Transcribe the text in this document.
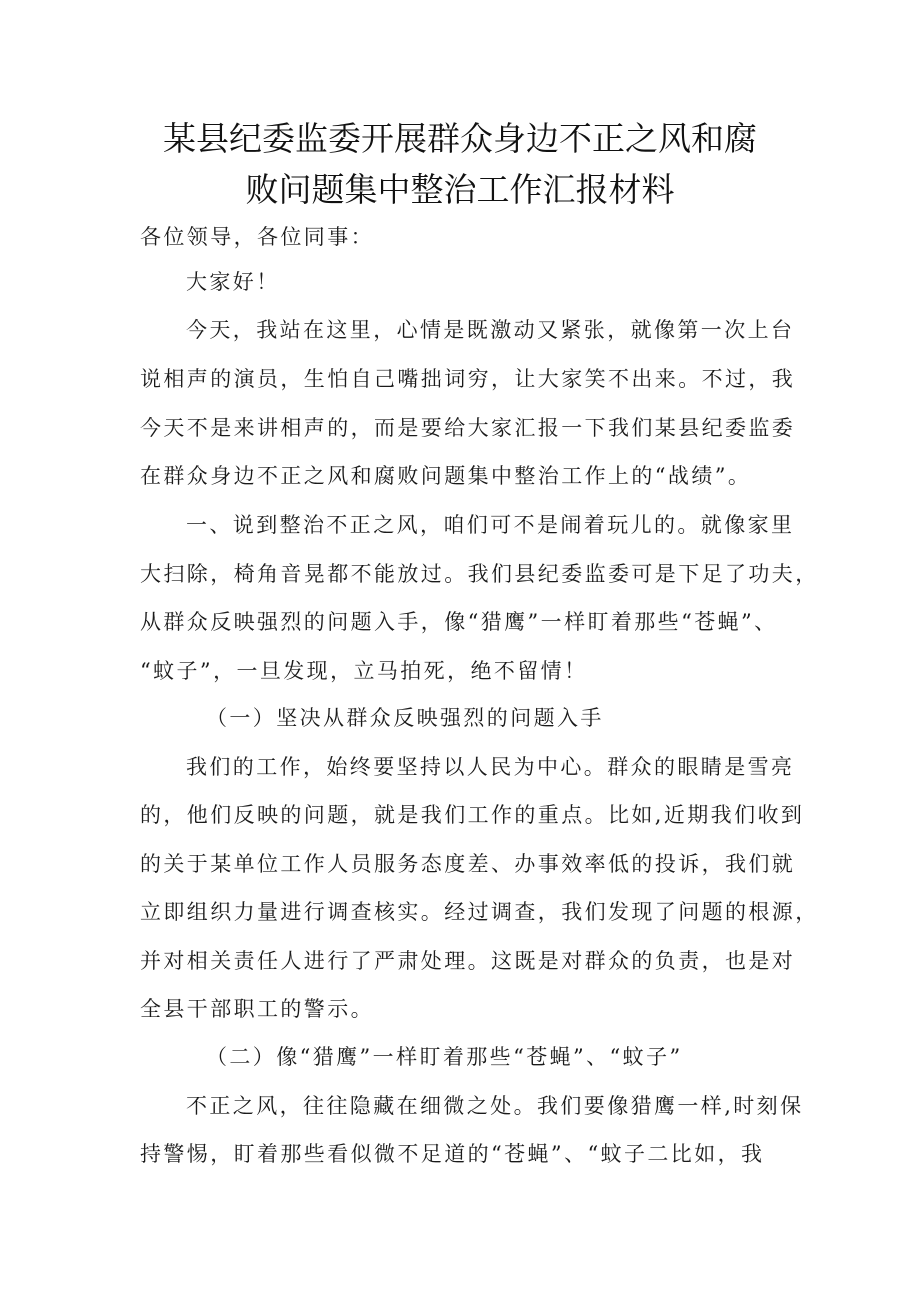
某县纪委监委开展群众身边不正之风和腐
败问题集中整治工作汇报材料
各位领导，各位同事：
大家好！
今天，我站在这里，心情是既激动又紧张，就像第一次上台
说相声的演员，生怕自己嘴拙词穷，让大家笑不出来。不过，我
今天不是来讲相声的，而是要给大家汇报一下我们某县纪委监委
在群众身边不正之风和腐败问题集中整治工作上的“战绩”。
一、说到整治不正之风，咱们可不是闹着玩儿的。就像家里
大扫除，椅角音晃都不能放过。我们县纪委监委可是下足了功夫，
从群众反映强烈的问题入手，像“猎鹰”一样盯着那些“苍蝇”、
“蚊子”，一旦发现，立马拍死，绝不留情！
（一）坚决从群众反映强烈的问题入手
我们的工作，始终要坚持以人民为中心。群众的眼睛是雪亮
的，他们反映的问题，就是我们工作的重点。比如,近期我们收到
的关于某单位工作人员服务态度差、办事效率低的投诉，我们就
立即组织力量进行调查核实。经过调查，我们发现了问题的根源，
并对相关责任人进行了严肃处理。这既是对群众的负责，也是对
全县干部职工的警示。
（二）像“猎鹰”一样盯着那些“苍蝇”、“蚊子”
不正之风，往往隐藏在细微之处。我们要像猎鹰一样,时刻保
持警惕，盯着那些看似微不足道的“苍蝇”、“蚊子二比如，我
